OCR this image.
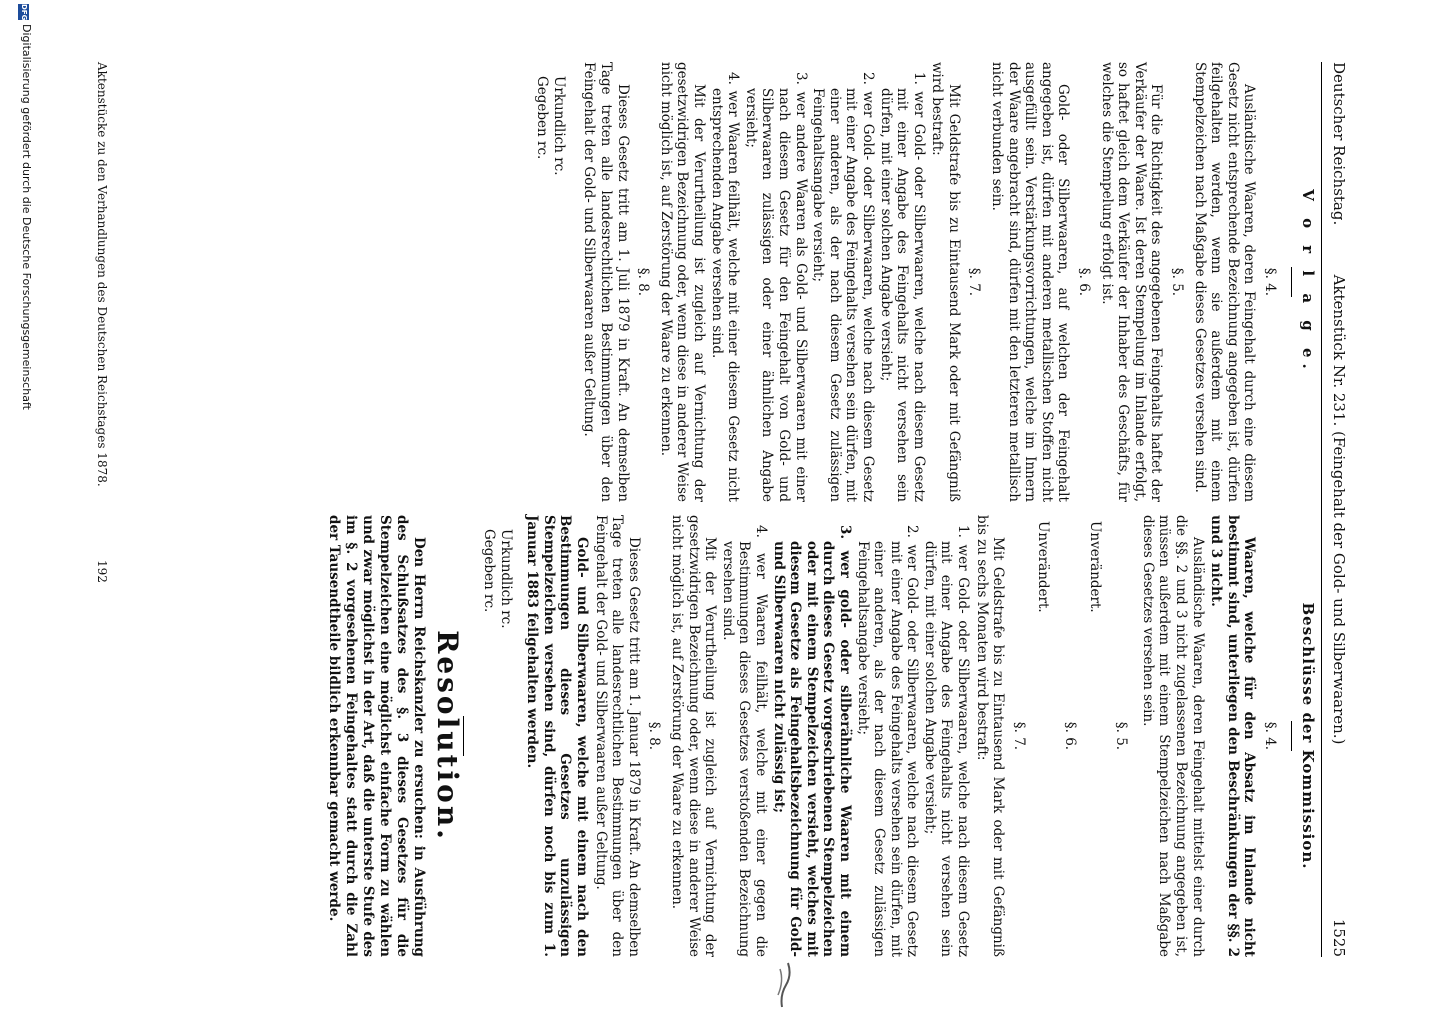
Deutscher Reichstag.
Aktenstück Nr. 231. (Feingehalt der Gold- und Silberwaaren.)
1525
V o r l a g e.
Beschlüsse der Kommission.

§. 4.

Ausländische Waaren, deren Feingehalt durch eine diesem Gesetz nicht entsprechende Bezeichnung angegeben ist, dürfen feilgehalten werden, wenn sie außerdem mit einem Stempelzeichen nach Maßgabe dieses Gesetzes versehen sind.

§. 5.

Für die Richtigkeit des angegebenen Feingehalts haftet der Verkäufer der Waare. Ist deren Stempelung im Inlande erfolgt, so haftet gleich dem Verkäufer der Inhaber des Geschäfts, für welches die Stempelung erfolgt ist.

§. 6.

Gold- oder Silberwaaren, auf welchen der Feingehalt angegeben ist, dürfen mit anderen metallischen Stoffen nicht ausgefüllt sein. Verstärkungsvorrichtungen, welche im Innern der Waare angebracht sind, dürfen mit den letzteren metallisch nicht verbunden sein.

§. 7.

Mit Geldstrafe bis zu Eintausend Mark oder mit Gefängniß wird bestraft:

1. wer Gold- oder Silberwaaren, welche nach diesem Gesetz mit einer Angabe des Feingehalts nicht versehen sein dürfen, mit einer solchen Angabe versieht;

2. wer Gold- oder Silberwaaren, welche nach diesem Gesetz mit einer Angabe des Feingehalts versehen sein dürfen, mit einer anderen, als der nach diesem Gesetz zulässigen Feingehaltsangabe versieht;

3. wer andere Waaren als Gold- und Silberwaaren mit einer nach diesem Gesetz für den Feingehalt von Gold- und Silberwaaren zulässigen oder einer ähnlichen Angabe versieht;

4. wer Waaren feilhält, welche mit einer diesem Gesetz nicht entsprechenden Angabe versehen sind.

Mit der Verurtheilung ist zugleich auf Vernichtung der gesetzwidrigen Bezeichnung oder, wenn diese in anderer Weise nicht möglich ist, auf Zerstörung der Waare zu erkennen.

§. 8.

Dieses Gesetz tritt am 1. Juli 1879 in Kraft. An demselben Tage treten alle landesrechtlichen Bestimmungen über den Feingehalt der Gold- und Silberwaaren außer Geltung.

Urkundlich rc.

Gegeben rc.

§. 4.

Waaren, welche für den Absatz im Inlande nicht bestimmt sind, unterliegen den Beschränkungen der §§. 2 und 3 nicht.

Ausländische Waaren, deren Feingehalt mittelst einer durch die §§. 2 und 3 nicht zugelassenen Bezeichnung angegeben ist, müssen außerdem mit einem Stempelzeichen nach Maßgabe dieses Gesetzes versehen sein.

§. 5.

Unverändert.

§. 6.

Unverändert.

§. 7.

Mit Geldstrafe bis zu Eintausend Mark oder mit Gefängniß bis zu sechs Monaten wird bestraft:

1. wer Gold- oder Silberwaaren, welche nach diesem Gesetz mit einer Angabe des Feingehalts nicht versehen sein dürfen, mit einer solchen Angabe versieht;

2. wer Gold- oder Silberwaaren, welche nach diesem Gesetz mit einer Angabe des Feingehalts versehen sein dürfen, mit einer anderen, als der nach diesem Gesetz zulässigen Feingehaltsangabe versieht;

3. wer gold- oder silberähnliche Waaren mit einem durch dieses Gesetz vorgeschriebenen Stempelzeichen oder mit einem Stempelzeichen versieht, welches mit diesem Gesetze als Feingehaltsbezeichnung für Gold- und Silberwaaren nicht zulässig ist;

4. wer Waaren feilhält, welche mit einer gegen die Bestimmungen dieses Gesetzes verstoßenden Bezeichnung versehen sind.

Mit der Verurtheilung ist zugleich auf Vernichtung der gesetzwidrigen Bezeichnung oder, wenn diese in anderer Weise nicht möglich ist, auf Zerstörung der Waare zu erkennen.

§. 8.

Dieses Gesetz tritt am 1. Januar 1879 in Kraft. An demselben Tage treten alle landesrechtlichen Bestimmungen über den Feingehalt der Gold- und Silberwaaren außer Geltung.

Gold- und Silberwaaren, welche mit einem nach den Bestimmungen dieses Gesetzes unzulässigen Stempelzeichen versehen sind, dürfen noch bis zum 1. Januar 1883 feilgehalten werden.

Urkundlich rc.

Gegeben rc.

Resolution.

Den Herrn Reichskanzler zu ersuchen: in Ausführung des Schlußsatzes des §. 3 dieses Gesetzes für die Stempelzeichen eine möglichst einfache Form zu wählen und zwar möglichst in der Art, daß die unterste Stufe des im §. 2 vorgesehenen Feingehaltes statt durch die Zahl der Tausendtheile bildlich erkennbar gemacht werde.

Aktenstücke zu den Verhandlungen des Deutschen Reichstages 1878.
192
DFGDigitalisierung gefördert durch die Deutsche Forschungsgemeinschaft
